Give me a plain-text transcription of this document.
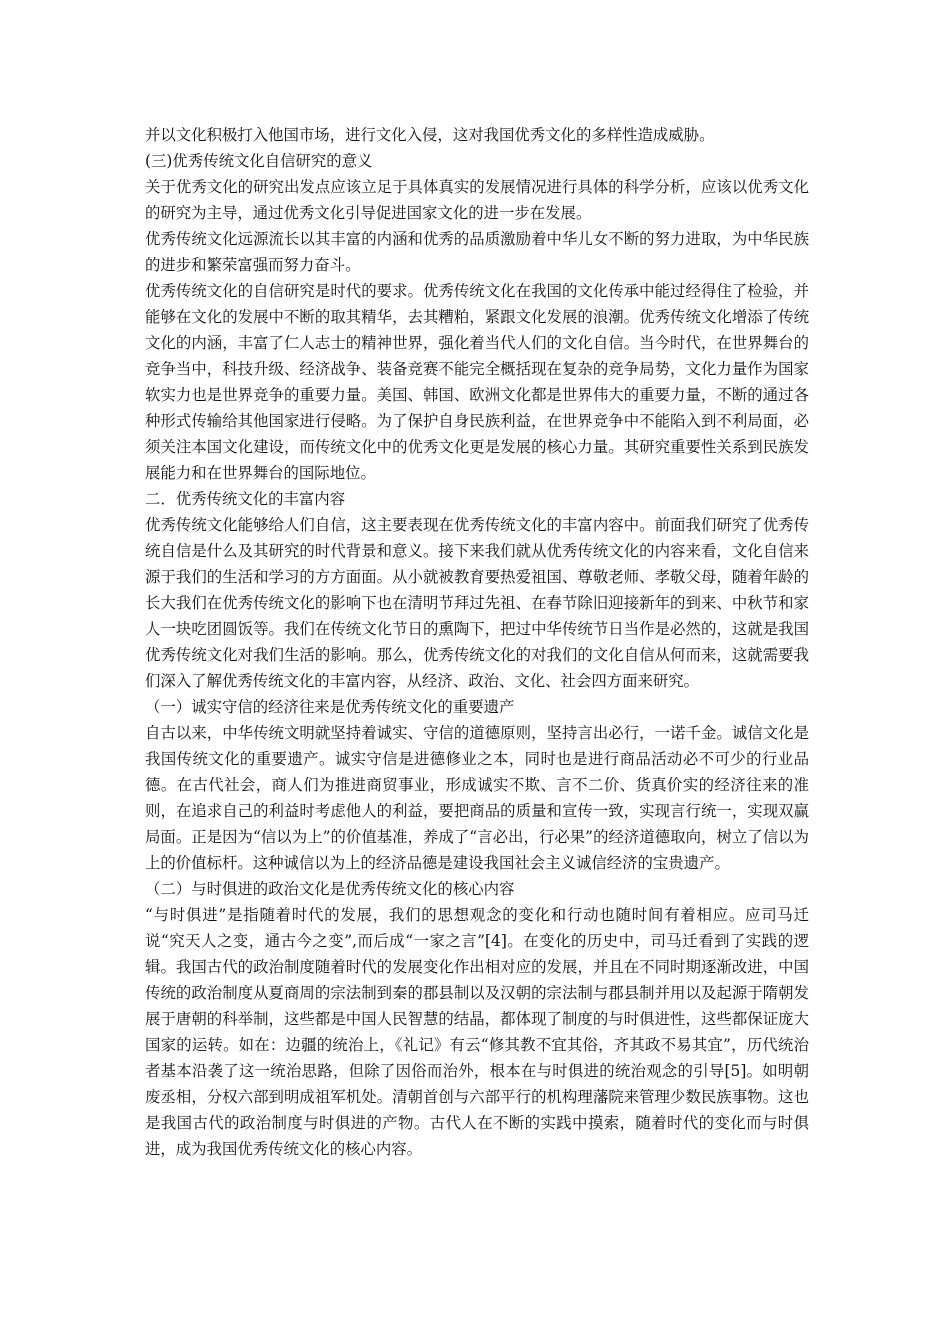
并以文化积极打入他国市场，进行文化入侵，这对我国优秀文化的多样性造成威胁。

(三)优秀传统文化自信研究的意义

关于优秀文化的研究出发点应该立足于具体真实的发展情况进行具体的科学分析，应该以优秀文化的研究为主导，通过优秀文化引导促进国家文化的进一步在发展。

优秀传统文化远源流长以其丰富的内涵和优秀的品质激励着中华儿女不断的努力进取，为中华民族的进步和繁荣富强而努力奋斗。

优秀传统文化的自信研究是时代的要求。优秀传统文化在我国的文化传承中能过经得住了检验，并能够在文化的发展中不断的取其精华，去其糟粕，紧跟文化发展的浪潮。优秀传统文化增添了传统文化的内涵，丰富了仁人志士的精神世界，强化着当代人们的文化自信。当今时代，在世界舞台的竞争当中，科技升级、经济战争、装备竞赛不能完全概括现在复杂的竞争局势，文化力量作为国家软实力也是世界竞争的重要力量。美国、韩国、欧洲文化都是世界伟大的重要力量，不断的通过各种形式传输给其他国家进行侵略。为了保护自身民族利益，在世界竞争中不能陷入到不利局面，必须关注本国文化建设，而传统文化中的优秀文化更是发展的核心力量。其研究重要性关系到民族发展能力和在世界舞台的国际地位。

二．优秀传统文化的丰富内容

优秀传统文化能够给人们自信，这主要表现在优秀传统文化的丰富内容中。前面我们研究了优秀传统自信是什么及其研究的时代背景和意义。接下来我们就从优秀传统文化的内容来看，文化自信来源于我们的生活和学习的方方面面。从小就被教育要热爱祖国、尊敬老师、孝敬父母，随着年龄的长大我们在优秀传统文化的影响下也在清明节拜过先祖、在春节除旧迎接新年的到来、中秋节和家人一块吃团圆饭等。我们在传统文化节日的熏陶下，把过中华传统节日当作是必然的，这就是我国优秀传统文化对我们生活的影响。那么，优秀传统文化的对我们的文化自信从何而来，这就需要我们深入了解优秀传统文化的丰富内容，从经济、政治、文化、社会四方面来研究。

（一）诚实守信的经济往来是优秀传统文化的重要遗产

自古以来，中华传统文明就坚持着诚实、守信的道德原则，坚持言出必行，一诺千金。诚信文化是我国传统文化的重要遗产。诚实守信是进德修业之本，同时也是进行商品活动必不可少的行业品德。在古代社会，商人们为推进商贸事业，形成诚实不欺、言不二价、货真价实的经济往来的准则，在追求自己的利益时考虑他人的利益，要把商品的质量和宣传一致，实现言行统一，实现双赢局面。正是因为“信以为上”的价值基准，养成了“言必出，行必果”的经济道德取向，树立了信以为上的价值标杆。这种诚信以为上的经济品德是建设我国社会主义诚信经济的宝贵遗产。

（二）与时俱进的政治文化是优秀传统文化的核心内容

“与时俱进”是指随着时代的发展，我们的思想观念的变化和行动也随时间有着相应。应司马迁说“究天人之变，通古今之变”,而后成“一家之言”[4]。在变化的历史中，司马迁看到了实践的逻辑。我国古代的政治制度随着时代的发展变化作出相对应的发展，并且在不同时期逐渐改进，中国传统的政治制度从夏商周的宗法制到秦的郡县制以及汉朝的宗法制与郡县制并用以及起源于隋朝发展于唐朝的科举制，这些都是中国人民智慧的结晶，都体现了制度的与时俱进性，这些都保证庞大国家的运转。如在：边疆的统治上，《礼记》有云“修其教不宜其俗，齐其政不易其宜”，历代统治者基本沿袭了这一统治思路，但除了因俗而治外，根本在与时俱进的统治观念的引导[5]。如明朝废丞相，分权六部到明成祖军机处。清朝首创与六部平行的机构理藩院来管理少数民族事物。这也是我国古代的政治制度与时俱进的产物。古代人在不断的实践中摸索，随着时代的变化而与时俱进，成为我国优秀传统文化的核心内容。
